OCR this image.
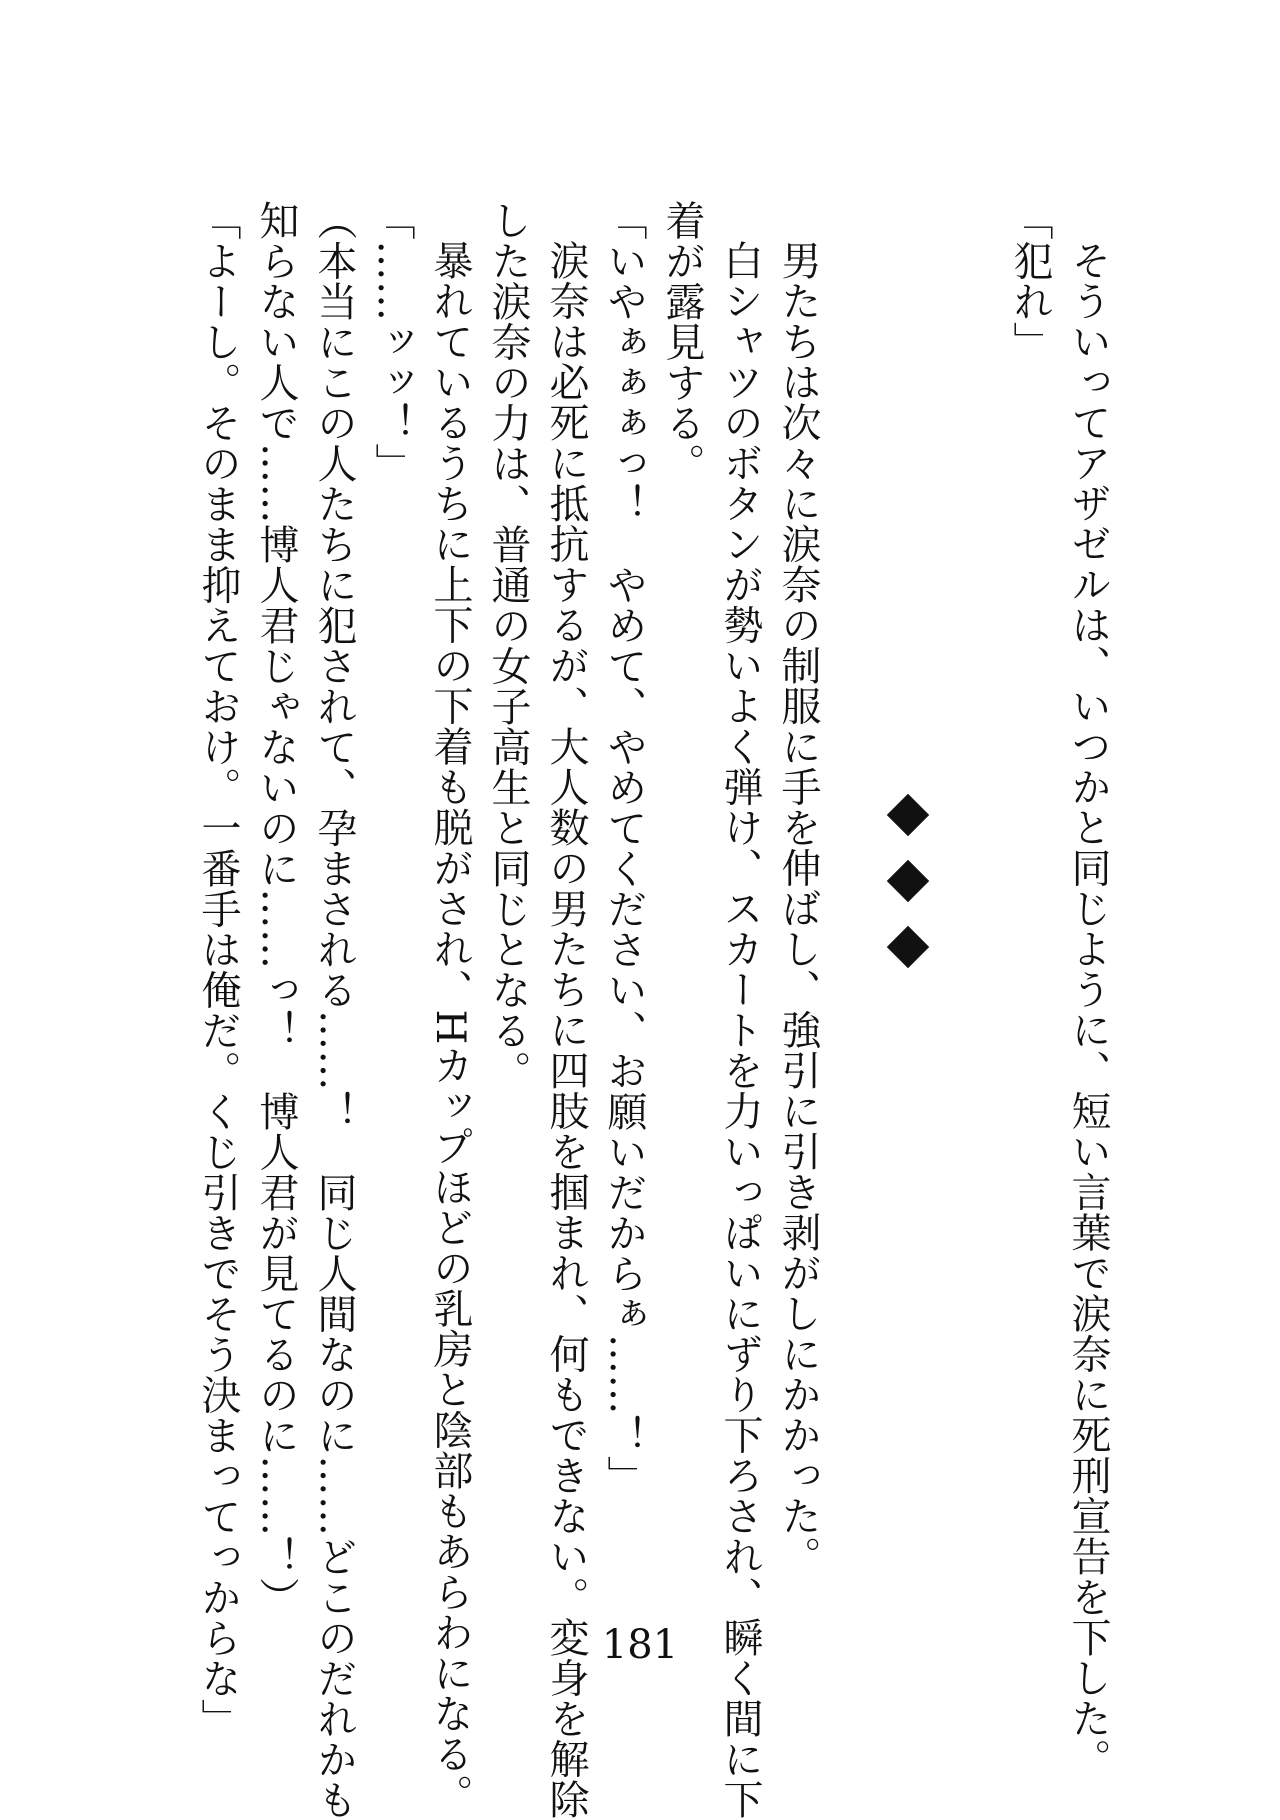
そういってアザゼルは、いつかと同じように、短い言葉で涙奈に死刑宣告を下した。
「犯れ」
男たちは次々に涙奈の制服に手を伸ばし、強引に引き剥がしにかかった。
白シャツのボタンが勢いよく弾け、スカートを力いっぱいにずり下ろされ、瞬く間に下
着が露見する。
「いやぁぁぁっ！　やめて、やめてください、お願いだからぁ……！」
涙奈は必死に抵抗するが、大人数の男たちに四肢を掴まれ、何もできない。変身を解除
した涙奈の力は、普通の女子高生と同じとなる。
暴れているうちに上下の下着も脱がされ、Hカップほどの乳房と陰部もあらわになる。
「……ッッ！」
（本当にこの人たちに犯されて、孕まされる……！　同じ人間なのに……どこのだれかも
知らない人で……博人君じゃないのに……っ！　博人君が見てるのに……！）
「よーし。そのまま抑えておけ。一番手は俺だ。くじ引きでそう決まってっからな」	181
